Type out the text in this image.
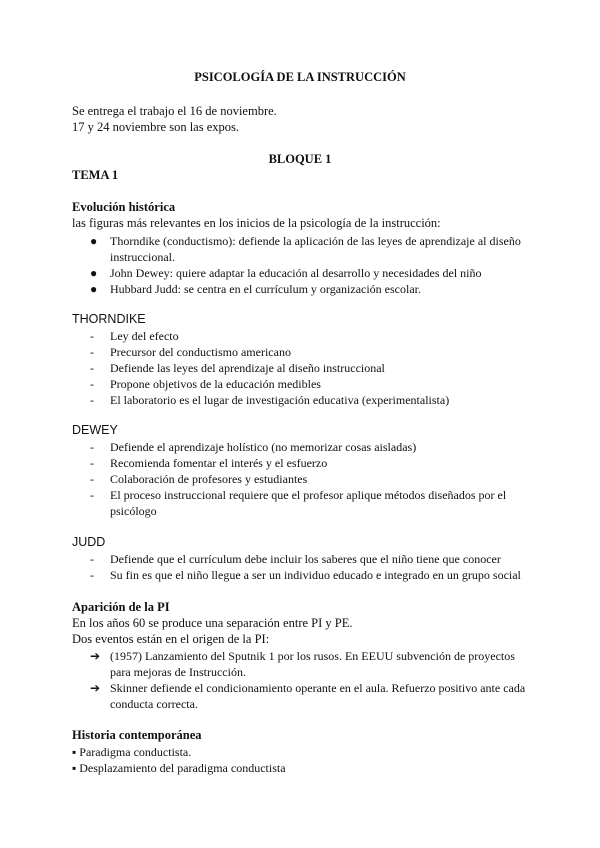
PSICOLOGÍA DE LA INSTRUCCIÓN
Se entrega el trabajo el 16 de noviembre.
17 y 24 noviembre son las expos.
BLOQUE 1
TEMA 1
Evolución histórica
las figuras más relevantes en los inicios de la psicología de la instrucción:
● Thorndike (conductismo): defiende la aplicación de las leyes de aprendizaje al diseño instruccional.
● John Dewey: quiere adaptar la educación al desarrollo y necesidades del niño
● Hubbard Judd: se centra en el currículum y organización escolar.
THORNDIKE
- Ley del efecto
- Precursor del conductismo americano
- Defiende las leyes del aprendizaje al diseño instruccional
- Propone objetivos de la educación medibles
- El laboratorio es el lugar de investigación educativa (experimentalista)
DEWEY
- Defiende el aprendizaje holístico (no memorizar cosas aisladas)
- Recomienda fomentar el interés y el esfuerzo
- Colaboración de profesores y estudiantes
- El proceso instruccional requiere que el profesor aplique métodos diseñados por el psicólogo
JUDD
- Defiende que el currículum debe incluir los saberes que el niño tiene que conocer
- Su fin es que el niño llegue a ser un individuo educado e integrado en un grupo social
Aparición de la PI
En los años 60 se produce una separación entre PI y PE.
Dos eventos están en el origen de la PI:
➔ (1957) Lanzamiento del Sputnik 1 por los rusos. En EEUU subvención de proyectos para mejoras de Instrucción.
➔ Skinner defiende el condicionamiento operante en el aula. Refuerzo positivo ante cada conducta correcta.
Historia contemporánea
▪ Paradigma conductista.
▪ Desplazamiento del paradigma conductista
